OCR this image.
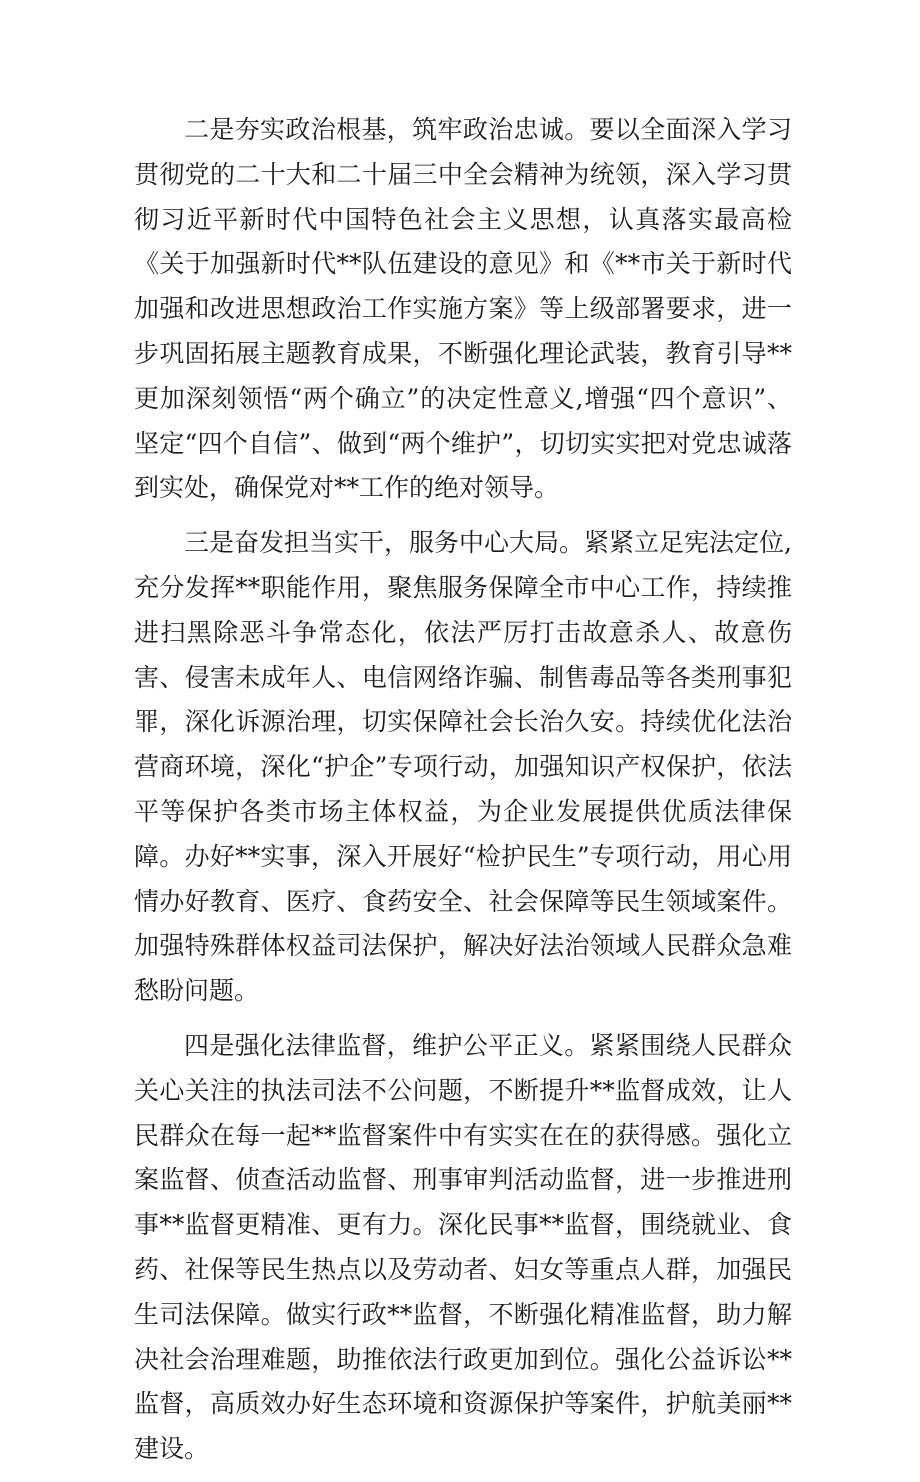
二是夯实政治根基，筑牢政治忠诚。要以全面深入学习贯彻党的二十大和二十届三中全会精神为统领，深入学习贯彻习近平新时代中国特色社会主义思想，认真落实最高检《关于加强新时代**队伍建设的意见》和《**市关于新时代加强和改进思想政治工作实施方案》等上级部署要求，进一步巩固拓展主题教育成果，不断强化理论武装，教育引导**更加深刻领悟“两个确立”的决定性意义,增强“四个意识”、坚定“四个自信”、做到“两个维护”，切切实实把对党忠诚落到实处，确保党对**工作的绝对领导。

三是奋发担当实干，服务中心大局。紧紧立足宪法定位,充分发挥**职能作用，聚焦服务保障全市中心工作，持续推进扫黑除恶斗争常态化，依法严厉打击故意杀人、故意伤害、侵害未成年人、电信网络诈骗、制售毒品等各类刑事犯罪，深化诉源治理，切实保障社会长治久安。持续优化法治营商环境，深化“护企”专项行动，加强知识产权保护，依法平等保护各类市场主体权益，为企业发展提供优质法律保障。办好**实事，深入开展好“检护民生”专项行动，用心用情办好教育、医疗、食药安全、社会保障等民生领域案件。加强特殊群体权益司法保护，解决好法治领域人民群众急难愁盼问题。

四是强化法律监督，维护公平正义。紧紧围绕人民群众关心关注的执法司法不公问题，不断提升**监督成效，让人民群众在每一起**监督案件中有实实在在的获得感。强化立案监督、侦查活动监督、刑事审判活动监督，进一步推进刑事**监督更精准、更有力。深化民事**监督，围绕就业、食药、社保等民生热点以及劳动者、妇女等重点人群，加强民生司法保障。做实行政**监督，不断强化精准监督，助力解决社会治理难题，助推依法行政更加到位。强化公益诉讼**监督，高质效办好生态环境和资源保护等案件，护航美丽**建设。
